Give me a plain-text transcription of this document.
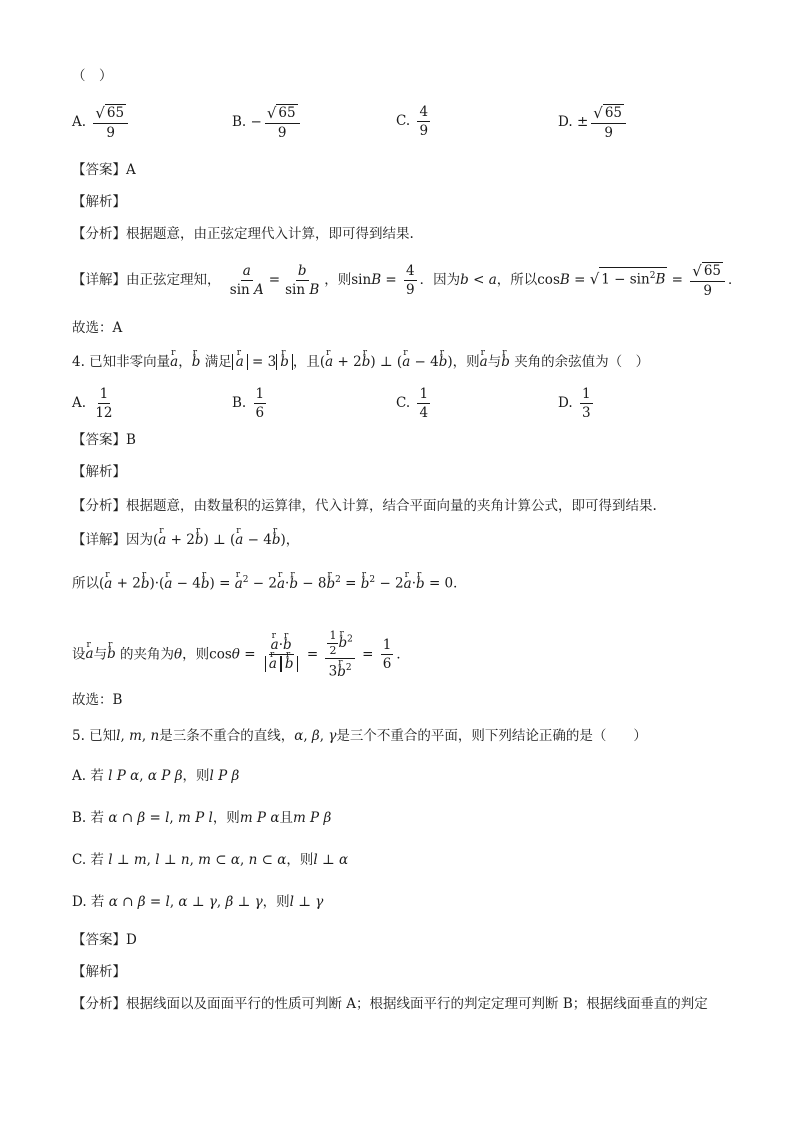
（　）
A. $\frac{√ 65}{9}$	B. − $\frac{√ 65}{9}$	C. $\frac{4}{9}$	D. ± $\frac{√ 65}{9}$
【答案】A
【解析】
【分析】根据题意，由正弦定理代入计算，即可得到结果.
【详解】由正弦定理知， $\frac{a}{\text{sin A}} = \frac{b}{\text{sin B}}$ ，则$\sin B = \frac{4}{9}$ ．因为b < a，所以cosB = √ $1 - \sin^2B = \frac{√ 65}{9}$ ．
故选：A
4. 已知非零向量r a，r b 满足r a = 3r b ，且(r a + 2r b) ⊥ (r a − 4r b)，则r a与r b 夹角的余弦值为（　）
A. $\frac{1}{12}$	B. $\frac{1}{6}$	C. $\frac{1}{4}$	D. $\frac{1}{3}$
【答案】B
【解析】
【分析】根据题意，由数量积的运算律，代入计算，结合平面向量的夹角计算公式，即可得到结果.
【详解】因为(r a + 2r b) ⊥ (r a − 4r b)，
所以(r a + 2r b)·(r a − 4r b) = r $a^2 - 2r$ a·r b − 8r $b^2 = r$ $b^2 - 2r$ a·r b = 0．
设r a与r b 的夹角为θ，则cosθ =
r a·r b
r ar $b = \frac{1}{2}$
r $b^2$
3r $b^2 = \frac{1}{6}$ ．
故选：B
5. 已知l, m, n是三条不重合的直线，α, β, γ是三个不重合的平面，则下列结论正确的是（　　）
A. 若 l P α, α P β，则l P β
B. 若 α ∩ β = l, m P l，则m P α且m P β
C. 若 l ⊥ m, l ⊥ n, m ⊂ α, n ⊂ α，则l ⊥ α
D. 若 α ∩ β = l, α ⊥ γ, β ⊥ γ，则l ⊥ γ
【答案】D
【解析】
【分析】根据线面以及面面平行的性质可判断 A；根据线面平行的判定定理可判断 B；根据线面垂直的判定
